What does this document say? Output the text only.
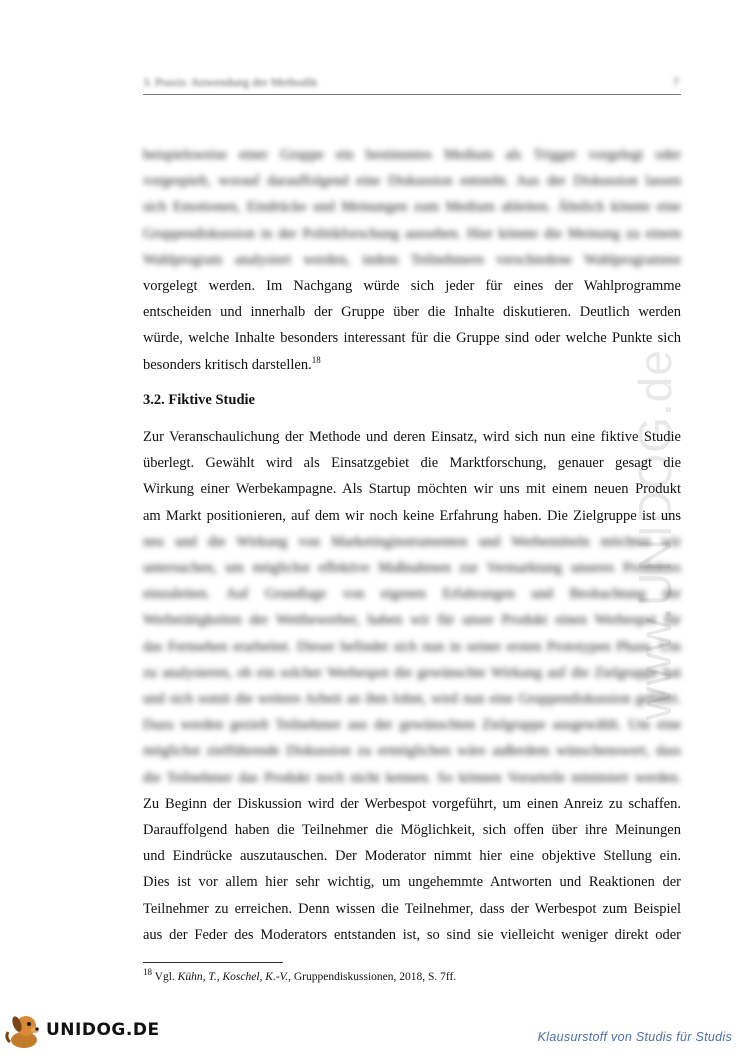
3. Praxis: Anwendung der Methodik	7
www.UNIDOG.de
beispielsweise einer Gruppe ein bestimmtes Medium als Trigger vorgelegt oder
vorgespielt, worauf darauffolgend eine Diskussion entsteht. Aus der Diskussion lassen
sich Emotionen, Eindrücke und Meinungen zum Medium ableiten. Ähnlich könnte eine
Gruppendiskussion in der Politikforschung aussehen. Hier könnte die Meinung zu einem
Wahlprogram analysiert werden, indem Teilnehmern verschiedene Wahlprogramme
vorgelegt werden. Im Nachgang würde sich jeder für eines der Wahlprogramme
entscheiden und innerhalb der Gruppe über die Inhalte diskutieren. Deutlich werden
würde, welche Inhalte besonders interessant für die Gruppe sind oder welche Punkte sich
besonders kritisch darstellen.$^{18}$
3.2. Fiktive Studie
Zur Veranschaulichung der Methode und deren Einsatz, wird sich nun eine fiktive Studie
überlegt. Gewählt wird als Einsatzgebiet die Marktforschung, genauer gesagt die
Wirkung einer Werbekampagne. Als Startup möchten wir uns mit einem neuen Produkt
am Markt positionieren, auf dem wir noch keine Erfahrung haben. Die Zielgruppe ist uns
neu und die Wirkung von Marketinginstrumenten und Werbemitteln möchten wir
untersuchen, um möglichst effektive Maßnahmen zur Vermarktung unseres Produktes
einzuleiten. Auf Grundlage von eigenen Erfahrungen und Beobachtung der
Werbetätigkeiten der Wettbewerber, haben wir für unser Produkt einen Werbespot für
das Fernsehen erarbeitet. Dieser befindet sich nun in seiner ersten Prototypen Phase. Um
zu analysieren, ob ein solcher Werbespot die gewünschte Wirkung auf die Zielgruppe hat
und sich somit die weitere Arbeit an ihm lohnt, wird nun eine Gruppendiskussion geführt.
Dazu werden gezielt Teilnehmer aus der gewünschten Zielgruppe ausgewählt. Um eine
möglichst zielführende Diskussion zu ermöglichen wäre außerdem wünschenswert, dass
die Teilnehmer das Produkt noch nicht kennen. So können Vorurteile minimiert werden.
Zu Beginn der Diskussion wird der Werbespot vorgeführt, um einen Anreiz zu schaffen.
Darauffolgend haben die Teilnehmer die Möglichkeit, sich offen über ihre Meinungen
und Eindrücke auszutauschen. Der Moderator nimmt hier eine objektive Stellung ein.
Dies ist vor allem hier sehr wichtig, um ungehemmte Antworten und Reaktionen der
Teilnehmer zu erreichen. Denn wissen die Teilnehmer, dass der Werbespot zum Beispiel
aus der Feder des Moderators entstanden ist, so sind sie vielleicht weniger direkt oder
$^{18}$ Vgl. Kühn, T., Koschel, K.-V., Gruppendiskussionen, 2018, S. 7ff.
UNIDOG.DE	Klausurstoff von Studis für Studis
